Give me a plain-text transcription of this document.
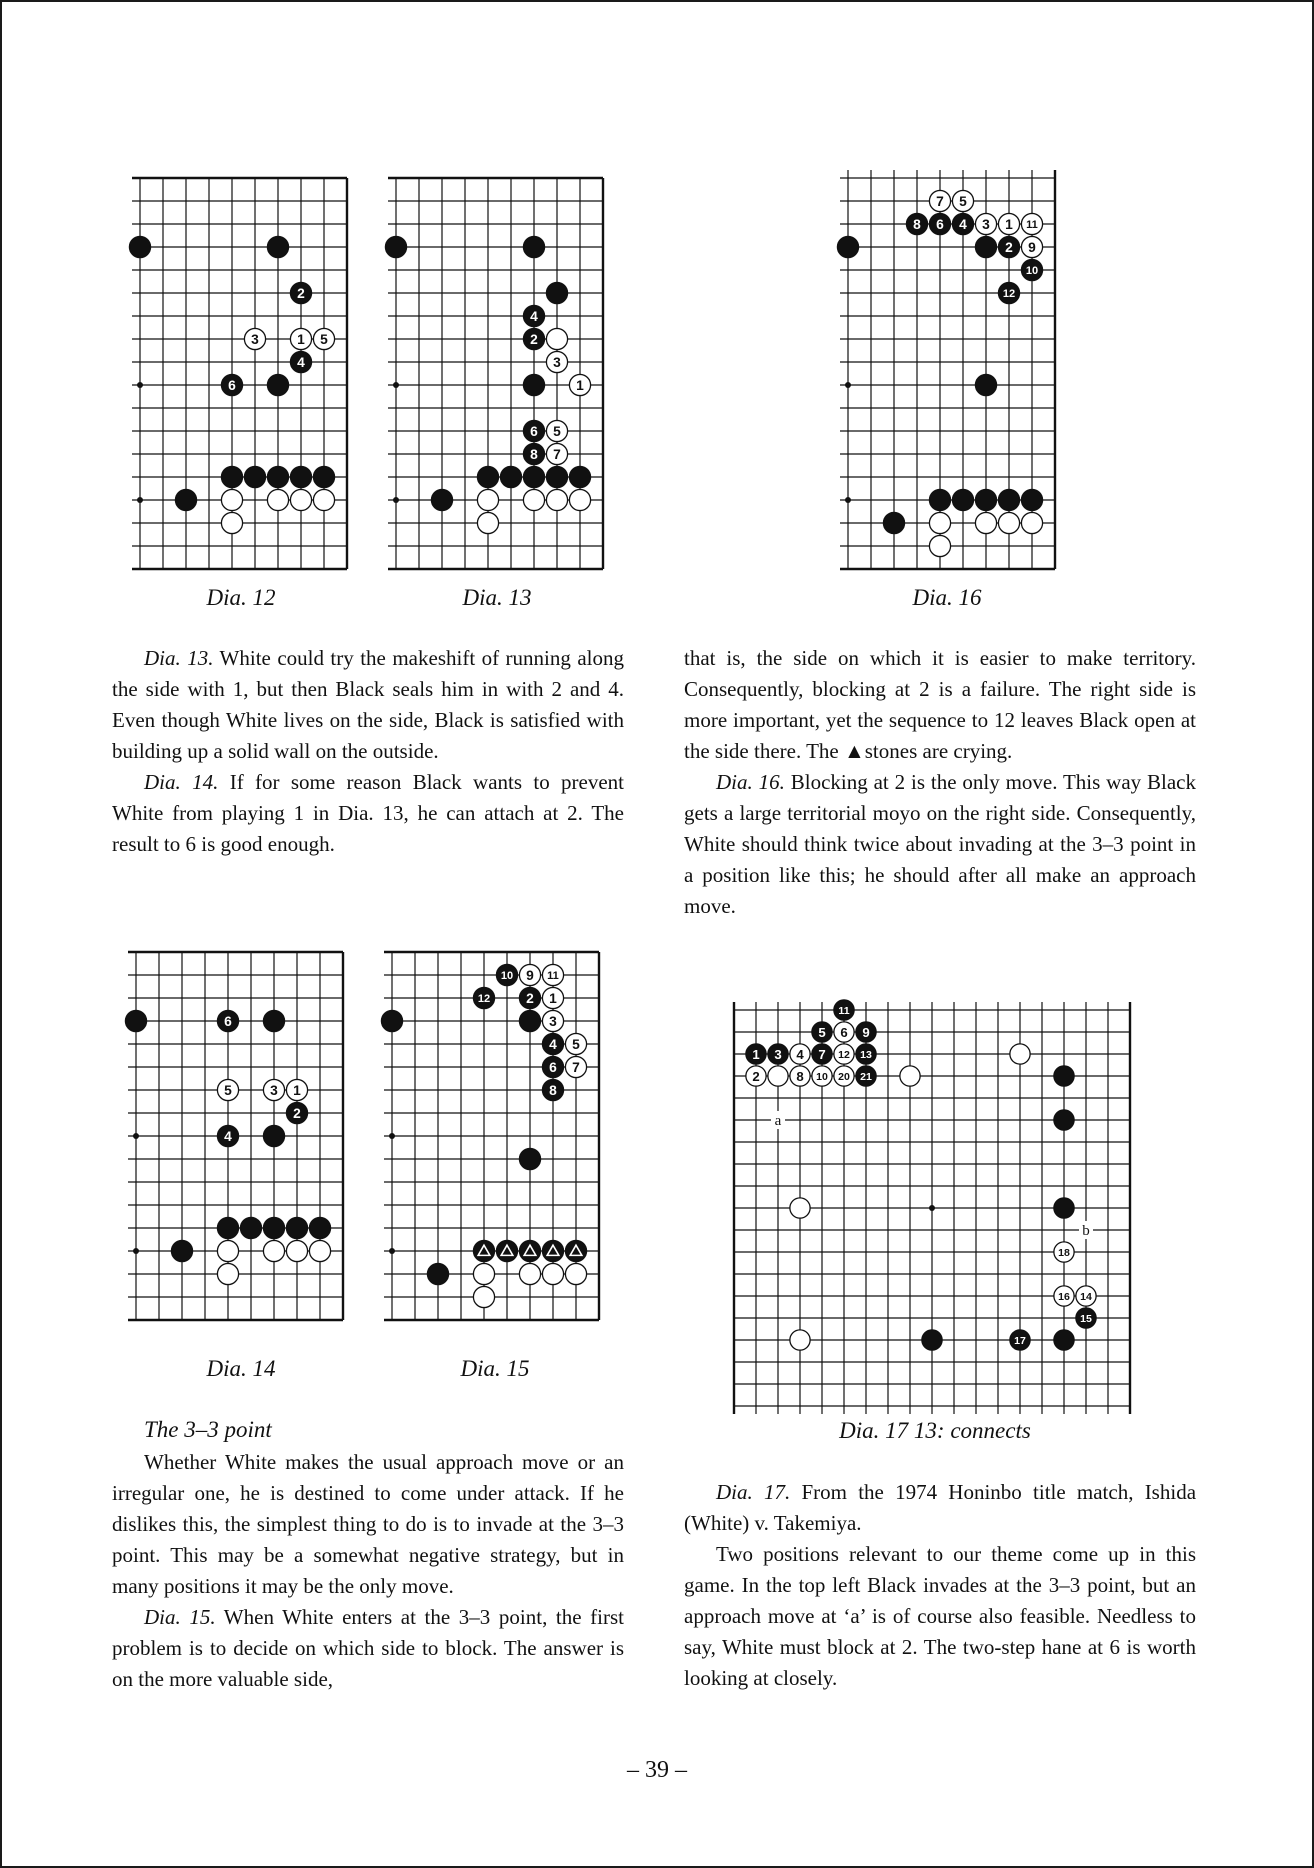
2
3	1 5
4
6
4
2
3
1
6 5
8 7
7 5
8 6 4 3 1 11
2 9
10
12
6
5	3 1
2
4
10 9 11
12	2 1
3
4 5
6 7
8
a
b
11
5 6 9
1 3 4 7 12 13
2	8 10 20 21
18
16 14
15
17
Dia. 12	Dia. 13	Dia. 16
Dia. 14	Dia. 15
Dia. 17 13: connects

Dia. 13. White could try the makeshift of running along the side with 1, but then Black seals him in with 2 and 4. Even though White lives on the side, Black is satisfied with building up a solid wall on the outside.

Dia. 14. If for some reason Black wants to prevent White from playing 1 in Dia. 13, he can attach at 2. The result to 6 is good enough.

The 3–3 point

Whether White makes the usual approach move or an irregular one, he is destined to come under attack. If he dislikes this, the simplest thing to do is to invade at the 3–3 point. This may be a somewhat negative strategy, but in many positions it may be the only move.

Dia. 15. When White enters at the 3–3 point, the first problem is to decide on which side to block. The answer is on the more valuable side,

that is, the side on which it is easier to make territory. Consequently, blocking at 2 is a failure. The right side is more important, yet the sequence to 12 leaves Black open at the side there. The ▲stones are crying.

Dia. 16. Blocking at 2 is the only move. This way Black gets a large territorial moyo on the right side. Consequently, White should think twice about invading at the 3–3 point in a position like this; he should after all make an approach move.

Dia. 17. From the 1974 Honinbo title match, Ishida (White) v. Takemiya.

Two positions relevant to our theme come up in this game. In the top left Black invades at the 3–3 point, but an approach move at ‘a’ is of course also feasible. Needless to say, White must block at 2. The two-step hane at 6 is worth looking at closely.

– 39 –
